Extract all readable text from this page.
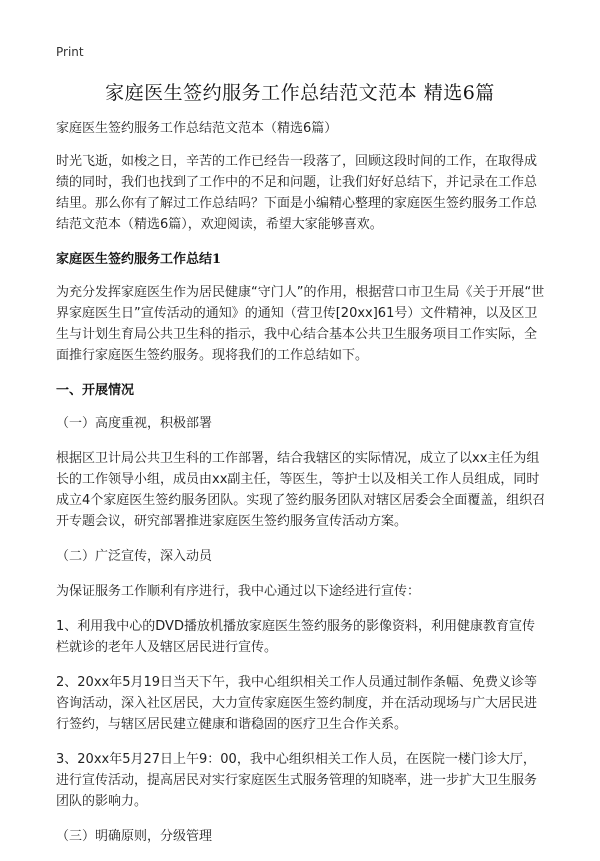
Print
家庭医生签约服务工作总结范文范本 精选6篇

家庭医生签约服务工作总结范文范本（精选6篇）

时光飞逝，如梭之日，辛苦的工作已经告一段落了，回顾这段时间的工作，在取得成绩的同时，我们也找到了工作中的不足和问题，让我们好好总结下，并记录在工作总结里。那么你有了解过工作总结吗？下面是小编精心整理的家庭医生签约服务工作总结范文范本（精选6篇），欢迎阅读，希望大家能够喜欢。

家庭医生签约服务工作总结1

为充分发挥家庭医生作为居民健康“守门人”的作用，根据营口市卫生局《关于开展“世界家庭医生日”宣传活动的通知》的通知（营卫传[20xx]61号）文件精神，以及区卫生与计划生育局公共卫生科的指示，我中心结合基本公共卫生服务项目工作实际，全面推行家庭医生签约服务。现将我们的工作总结如下。

一、开展情况

（一）高度重视，积极部署

根据区卫计局公共卫生科的工作部署，结合我辖区的实际情况，成立了以xx主任为组长的工作领导小组，成员由xx副主任，等医生，等护士以及相关工作人员组成，同时成立4个家庭医生签约服务团队。实现了签约服务团队对辖区居委会全面覆盖，组织召开专题会议，研究部署推进家庭医生签约服务宣传活动方案。

（二）广泛宣传，深入动员

为保证服务工作顺利有序进行，我中心通过以下途经进行宣传：

1、利用我中心的DVD播放机播放家庭医生签约服务的影像资料，利用健康教育宣传栏就诊的老年人及辖区居民进行宣传。

2、20xx年5月19日当天下午，我中心组织相关工作人员通过制作条幅、免费义诊等咨询活动，深入社区居民，大力宣传家庭医生签约制度，并在活动现场与广大居民进行签约，与辖区居民建立健康和谐稳固的医疗卫生合作关系。

3、20xx年5月27日上午9：00，我中心组织相关工作人员，在医院一楼门诊大厅，进行宣传活动，提高居民对实行家庭医生式服务管理的知晓率，进一步扩大卫生服务团队的影响力。

（三）明确原则，分级管理
